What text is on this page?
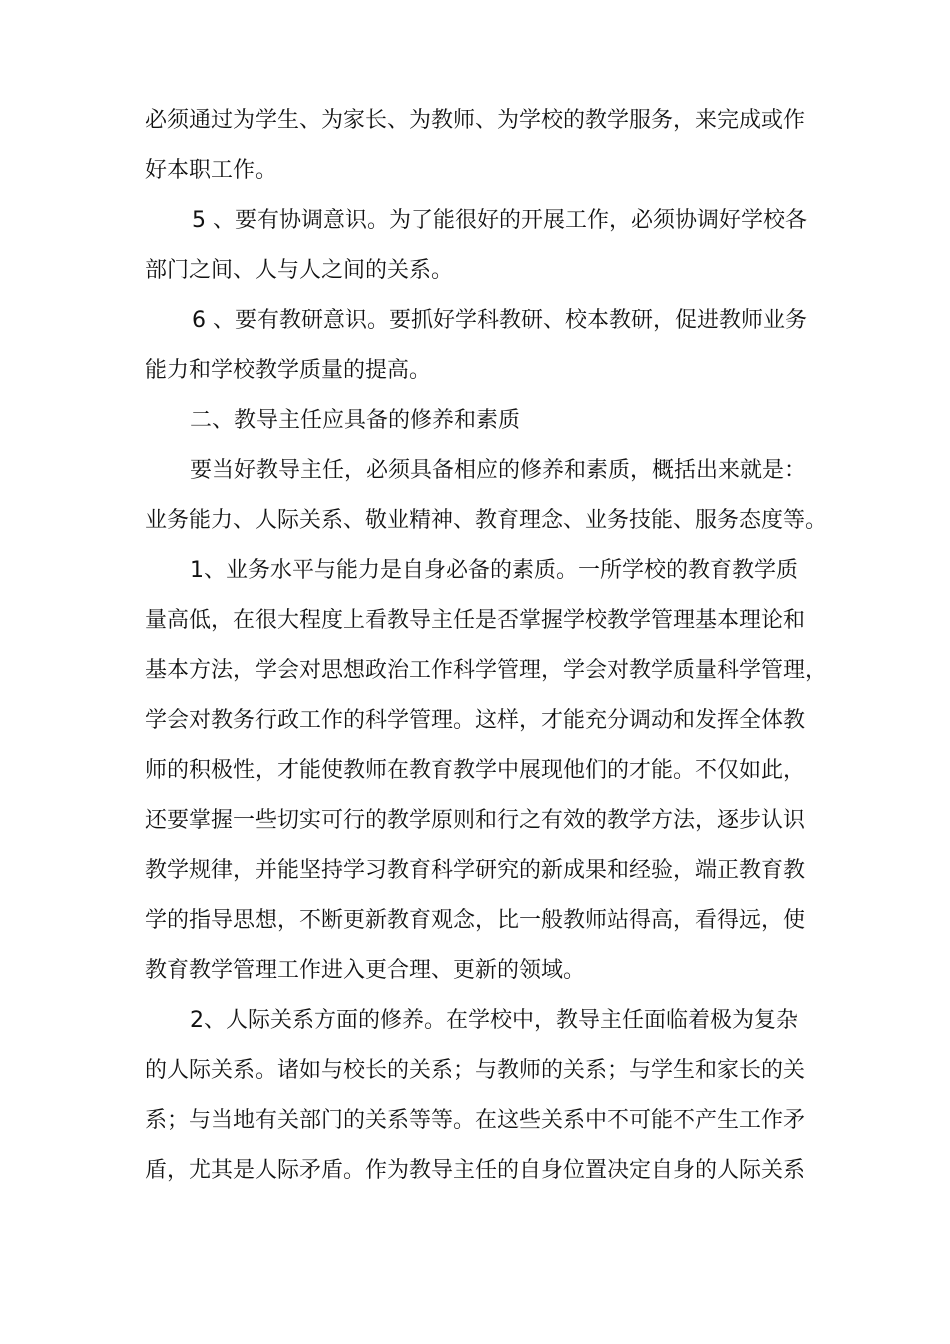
必须通过为学生、为家长、为教师、为学校的教学服务，来完成或作

好本职工作。

5 、要有协调意识。为了能很好的开展工作，必须协调好学校各

部门之间、人与人之间的关系。

6 、要有教研意识。要抓好学科教研、校本教研，促进教师业务

能力和学校教学质量的提高。

二、教导主任应具备的修养和素质

要当好教导主任，必须具备相应的修养和素质，概括出来就是：

业务能力、人际关系、敬业精神、教育理念、业务技能、服务态度等。

1、业务水平与能力是自身必备的素质。一所学校的教育教学质

量高低，在很大程度上看教导主任是否掌握学校教学管理基本理论和

基本方法，学会对思想政治工作科学管理，学会对教学质量科学管理，

学会对教务行政工作的科学管理。这样，才能充分调动和发挥全体教

师的积极性，才能使教师在教育教学中展现他们的才能。不仅如此，

还要掌握一些切实可行的教学原则和行之有效的教学方法，逐步认识

教学规律，并能坚持学习教育科学研究的新成果和经验，端正教育教

学的指导思想，不断更新教育观念，比一般教师站得高，看得远，使

教育教学管理工作进入更合理、更新的领域。

2、人际关系方面的修养。在学校中，教导主任面临着极为复杂

的人际关系。诸如与校长的关系；与教师的关系；与学生和家长的关

系；与当地有关部门的关系等等。在这些关系中不可能不产生工作矛

盾，尤其是人际矛盾。作为教导主任的自身位置决定自身的人际关系
